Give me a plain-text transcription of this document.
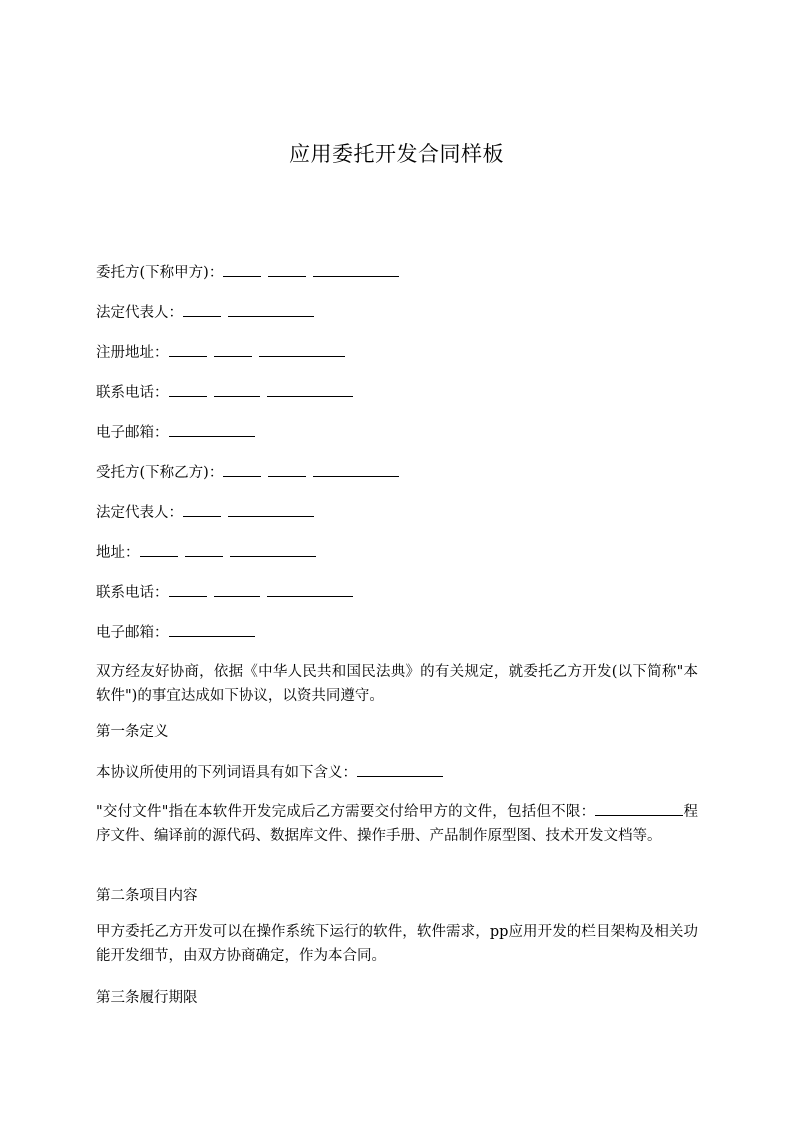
应用委托开发合同样板
委托方(下称甲方)：
法定代表人：
注册地址：
联系电话：
电子邮箱：
受托方(下称乙方)：
法定代表人：
地址：
联系电话：
电子邮箱：
双方经友好协商，依据《中华人民共和国民法典》的有关规定，就委托乙方开发(以下简称"本软件")的事宜达成如下协议，以资共同遵守。
第一条定义
本协议所使用的下列词语具有如下含义：
"交付文件"指在本软件开发完成后乙方需要交付给甲方的文件，包括但不限：	程序文件、编译前的源代码、数据库文件、操作手册、产品制作原型图、技术开发文档等。
第二条项目内容
甲方委托乙方开发可以在操作系统下运行的软件，软件需求，pp应用开发的栏目架构及相关功能开发细节，由双方协商确定，作为本合同。
第三条履行期限
